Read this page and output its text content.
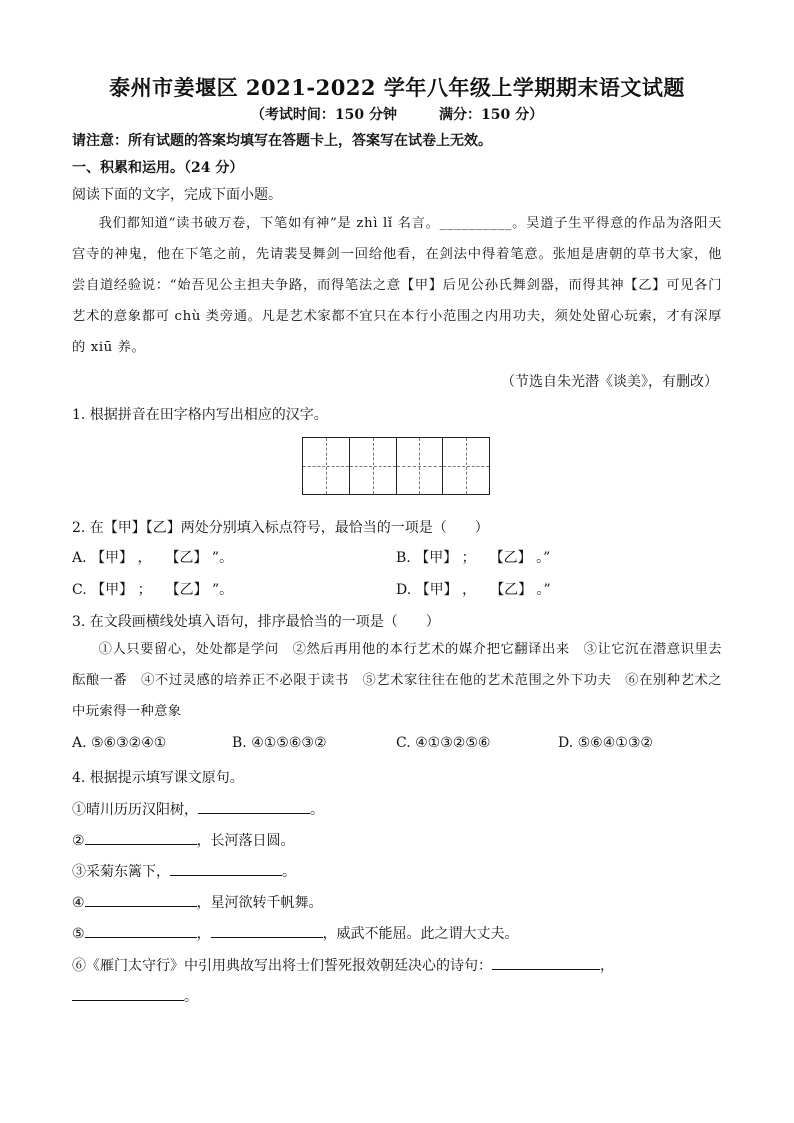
泰州市姜堰区 2021-2022 学年八年级上学期期末语文试题
（考试时间：150 分钟	满分：150 分）
请注意：所有试题的答案均填写在答题卡上，答案写在试卷上无效。
一、积累和运用。（24 分）
阅读下面的文字，完成下面小题。

我们都知道“读书破万卷，下笔如有神”是 zhì lǐ 名言。__________。吴道子生平得意的作品为洛阳天宫寺的神鬼，他在下笔之前，先请裴旻舞剑一回给他看，在剑法中得着笔意。张旭是唐朝的草书大家，他尝自道经验说：“始吾见公主担夫争路，而得笔法之意【甲】后见公孙氏舞剑器，而得其神【乙】可见各门艺术的意象都可 chù 类旁通。凡是艺术家都不宜只在本行小范围之内用功夫，须处处留心玩索，才有深厚的 xiū 养。

（节选自朱光潜《谈美》，有删改）
1. 根据拼音在田字格内写出相应的汉字。
2. 在【甲】【乙】两处分别填入标点符号，最恰当的一项是（　　）
A. 【甲】 ，　　【乙】 ”。	B. 【甲】 ；　　【乙】 。”
C. 【甲】 ；　　【乙】 ”。	D. 【甲】 ，　　【乙】 。”
3. 在文段画横线处填入语句，排序最恰当的一项是（　　）

①人只要留心，处处都是学问　②然后再用他的本行艺术的媒介把它翻译出来　③让它沉在潜意识里去酝酿一番　④不过灵感的培养正不必限于读书　⑤艺术家往往在他的艺术范围之外下功夫　⑥在别种艺术之中玩索得一种意象

A. ⑤⑥③②④①	B. ④①⑤⑥③②	C. ④①③②⑤⑥	D. ⑤⑥④①③②
4. 根据提示填写课文原句。
①晴川历历汉阳树，	。
②	，长河落日圆。
③采菊东篱下，	。
④	，星河欲转千帆舞。
⑤	，	，威武不能屈。此之谓大丈夫。
⑥《雁门太守行》中引用典故写出将士们誓死报效朝廷决心的诗句：	，
。
